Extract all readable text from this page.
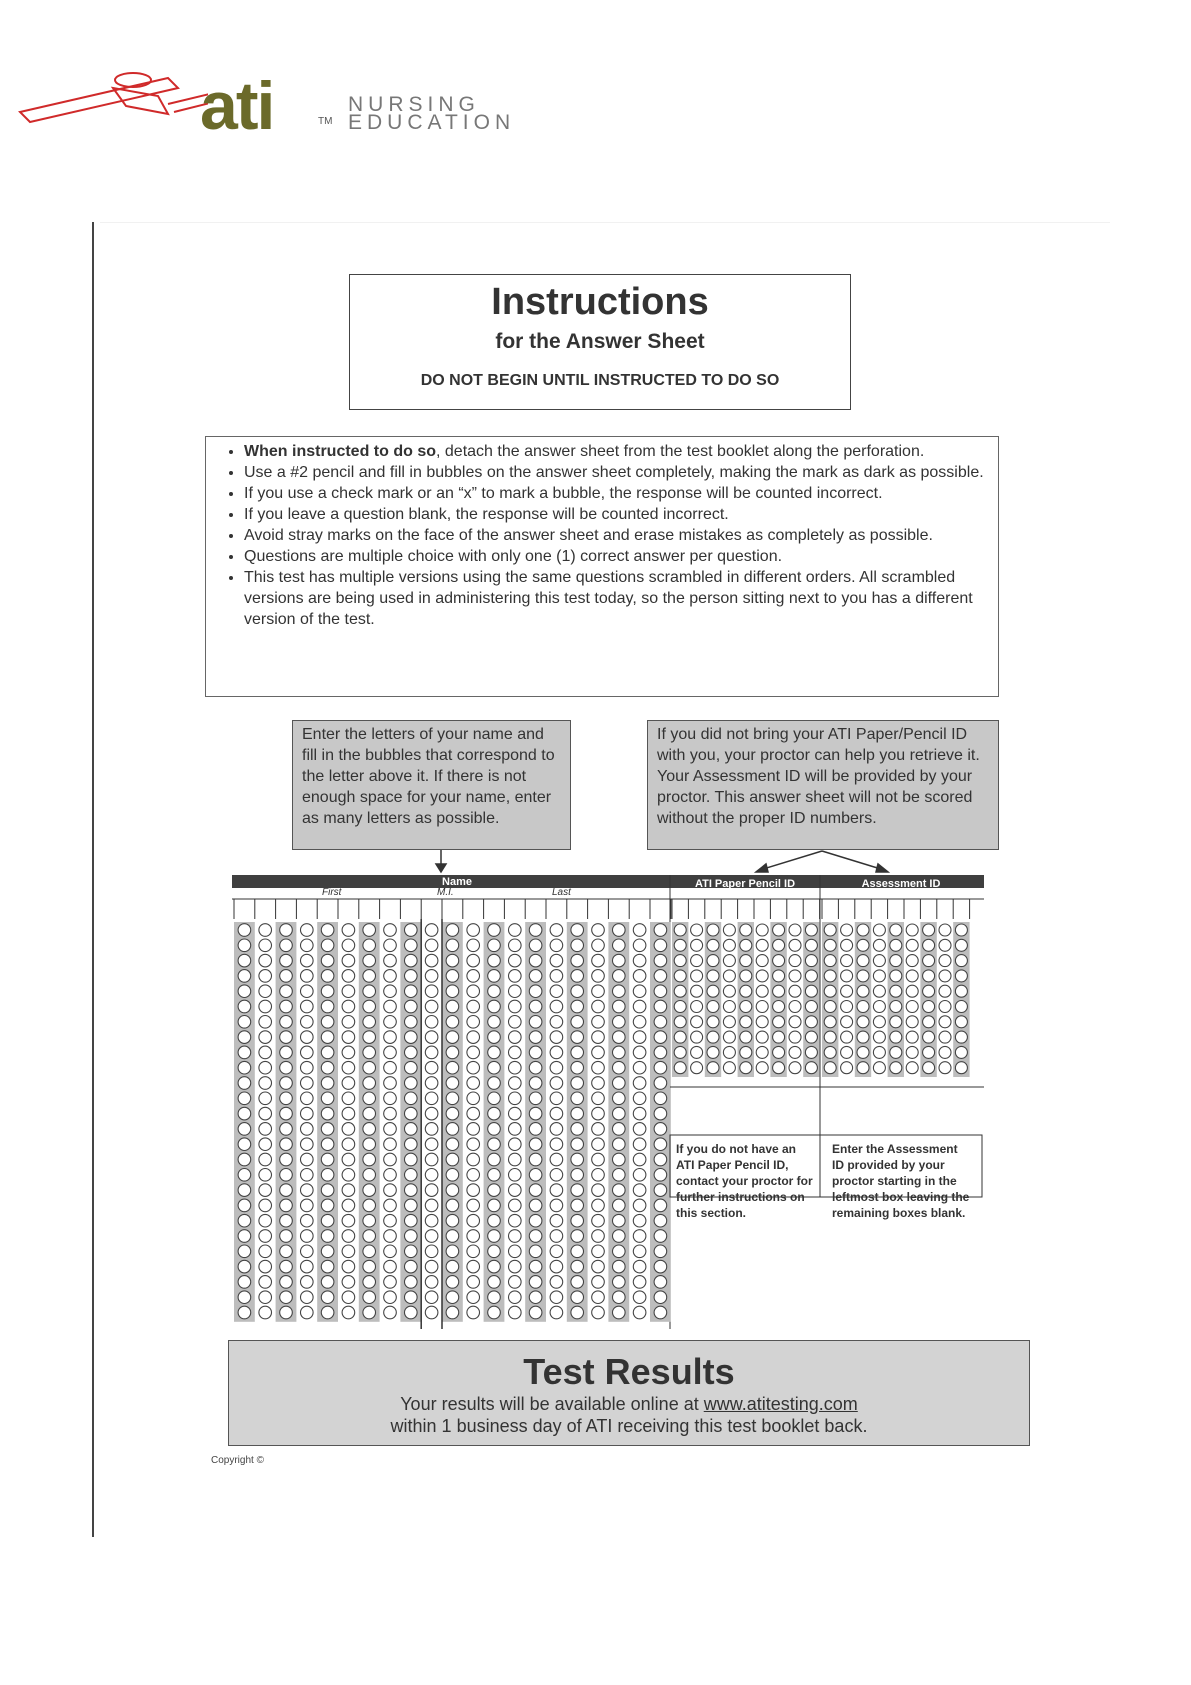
ati	TM
NURSING
EDUCATION
Instructions
for the Answer Sheet
DO NOT BEGIN UNTIL INSTRUCTED TO DO SO
• When instructed to do so, detach the answer sheet from the test booklet along the perforation.
• Use a #2 pencil and fill in bubbles on the answer sheet completely, making the mark as dark as possible.
• If you use a check mark or an “x” to mark a bubble, the response will be counted incorrect.
• If you leave a question blank, the response will be counted incorrect.
• Avoid stray marks on the face of the answer sheet and erase mistakes as completely as possible.
• Questions are multiple choice with only one (1) correct answer per question.
• This test has multiple versions using the same questions scrambled in different orders. All scrambled versions are being used in administering this test today, so the person sitting next to you has a different version of the test.
Enter the letters of your name and fill in the bubbles that correspond to the letter above it. If there is not enough space for your name, enter as many letters as possible.
If you did not bring your ATI Paper/Pencil ID with you, your proctor can help you retrieve it. Your Assessment ID will be provided by your proctor. This answer sheet will not be scored without the proper ID numbers.
Name	ATI Paper Pencil ID	Assessment ID
First	M.I.	Last
If you do not have an ATI Paper Pencil ID, contact your proctor for further instructions on this section.
Enter the Assessment ID provided by your proctor starting in the leftmost box leaving the remaining boxes blank.
Test Results
Your results will be available online at www.atitesting.com
within 1 business day of ATI receiving this test booklet back.
Copyright ©
